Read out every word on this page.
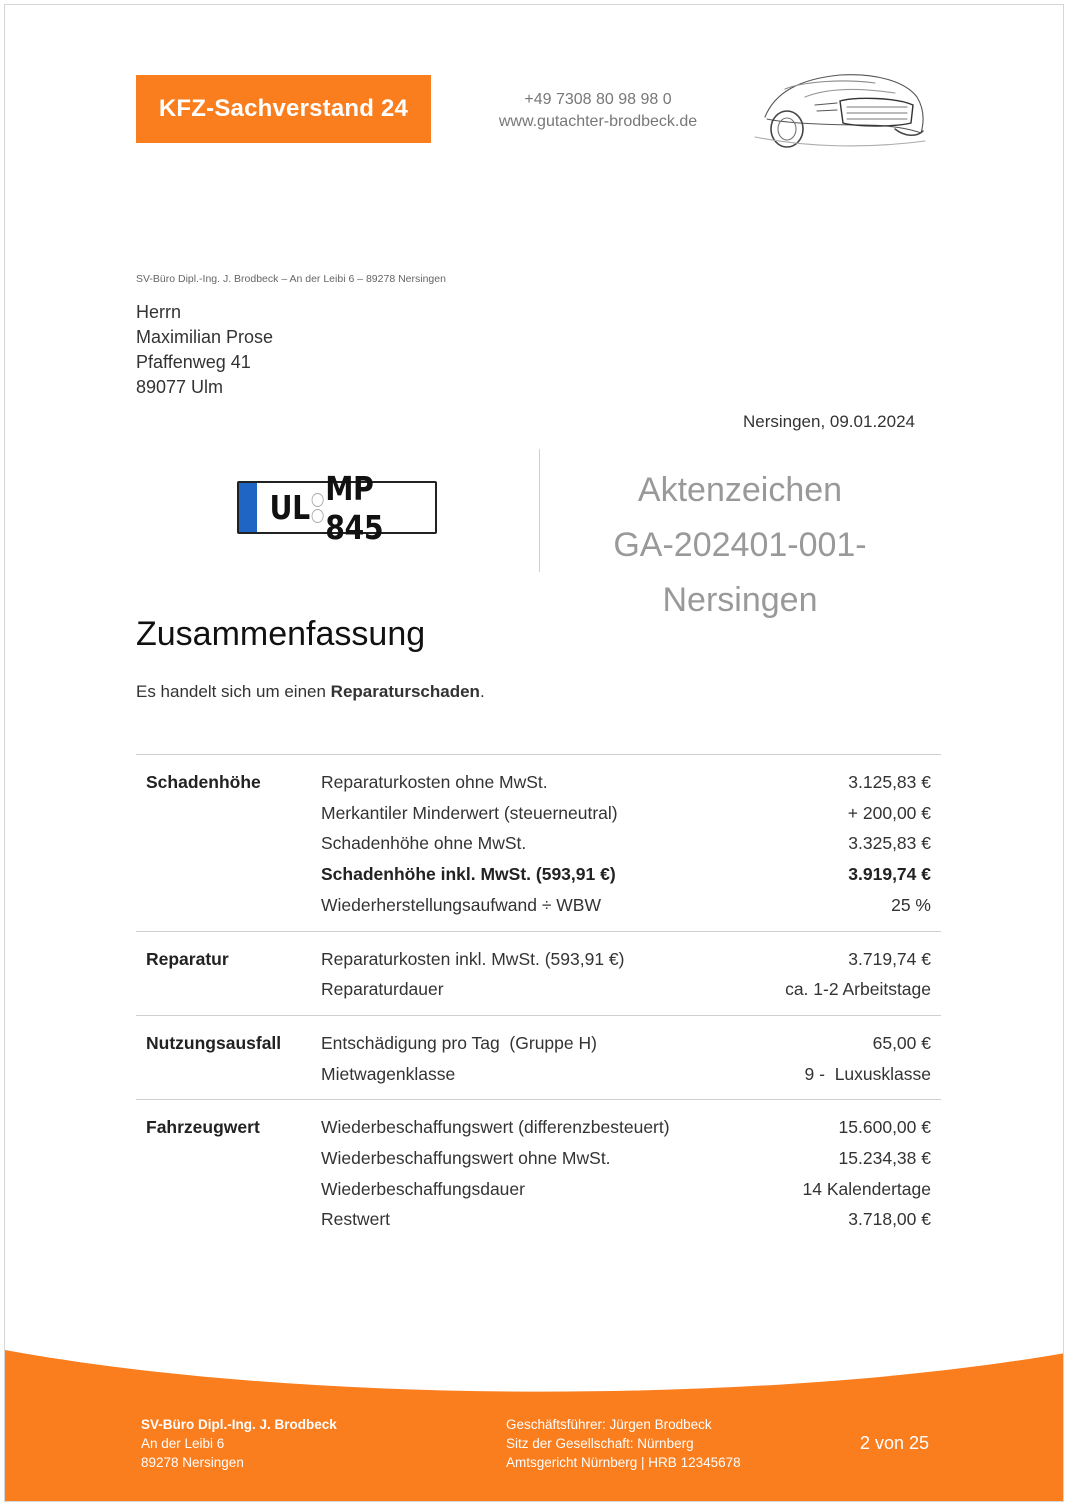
KFZ-Sachverstand 24	+49 7308 80 98 98 0
www.gutachter-brodbeck.de
SV-Büro Dipl.-Ing. J. Brodbeck – An der Leibi 6 – 89278 Nersingen
Herrn
Maximilian Prose
Pfaffenweg 41
89077 Ulm
Nersingen, 09.01.2024
UL MP 845
Aktenzeichen
GA-202401-001-Nersingen
Zusammenfassung
Es handelt sich um einen Reparaturschaden.
Schadenhöhe	Reparaturkosten ohne MwSt.	3.125,83 €
Merkantiler Minderwert (steuerneutral)	+ 200,00 €
Schadenhöhe ohne MwSt.	3.325,83 €
Schadenhöhe inkl. MwSt. (593,91 €)	3.919,74 €
Wiederherstellungsaufwand ÷ WBW	25 %
Reparatur	Reparaturkosten inkl. MwSt. (593,91 €)	3.719,74 €
Reparaturdauer	ca. 1-2 Arbeitstage
Nutzungsausfall	Entschädigung pro Tag  (Gruppe H)	65,00 €
Mietwagenklasse	9 -  Luxusklasse
Fahrzeugwert	Wiederbeschaffungswert (differenzbesteuert)	15.600,00 €
Wiederbeschaffungswert ohne MwSt.	15.234,38 €
Wiederbeschaffungsdauer	14 Kalendertage
Restwert	3.718,00 €
SV-Büro Dipl.-Ing. J. Brodbeck
An der Leibi 6
89278 Nersingen
Geschäftsführer: Jürgen Brodbeck
Sitz der Gesellschaft: Nürnberg
Amtsgericht Nürnberg | HRB 12345678
2 von 25
